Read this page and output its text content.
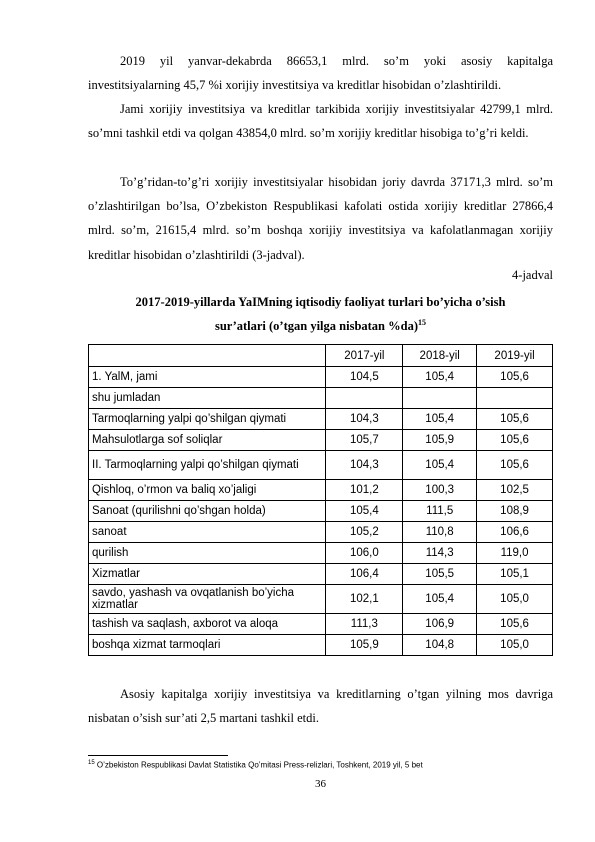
2019 yil yanvar-dekabrda 86653,1 mlrd. so’m yoki asosiy kapitalga investitsiyalarning 45,7 %i xorijiy investitsiya va kreditlar hisobidan o’zlashtirildi.

Jami xorijiy investitsiya va kreditlar tarkibida xorijiy investitsiyalar 42799,1 mlrd. so’mni tashkil etdi va qolgan 43854,0 mlrd. so’m xorijiy kreditlar hisobiga to’g’ri keldi.

To’g’ridan-to’g’ri xorijiy investitsiyalar hisobidan joriy davrda 37171,3 mlrd. so’m o’zlashtirilgan bo’lsa, O’zbekiston Respublikasi kafolati ostida xorijiy kreditlar 27866,4 mlrd. so’m, 21615,4 mlrd. so’m boshqa xorijiy investitsiya va kafolatlanmagan xorijiy kreditlar hisobidan o’zlashtirildi (3-jadval).

4-jadval
2017-2019-yillarda YaIMning iqtisodiy faoliyat turlari bo’yicha o’sish
sur’atlari (o’tgan yilga nisbatan %da)$^{15}$
	2017-yil	2018-yil	2019-yil
1. YalM, jami	104,5	105,4	105,6
shu jumladan			
Tarmoqlarning yalpi qo’shilgan qiymati	104,3	105,4	105,6
Mahsulotlarga sof soliqlar	105,7	105,9	105,6
II. Tarmoqlarning yalpi qo’shilgan qiymati	104,3	105,4	105,6
Qishloq, o’rmon va baliq xo’jaligi	101,2	100,3	102,5
Sanoat (qurilishni qo’shgan holda)	105,4	111,5	108,9
sanoat	105,2	110,8	106,6
qurilish	106,0	114,3	119,0
Xizmatlar	106,4	105,5	105,1
savdo, yashash va ovqatlanish bo’yicha xizmatlar	102,1	105,4	105,0
tashish va saqlash, axborot va aloqa	111,3	106,9	105,6
boshqa xizmat tarmoqlari	105,9	104,8	105,0

Asosiy kapitalga xorijiy investitsiya va kreditlarning o’tgan yilning mos davriga nisbatan o’sish sur’ati 2,5 martani tashkil etdi.

$^{15}$ O’zbekiston Respublikasi Davlat Statistika Qo’mitasi Press-relizlari, Toshkent, 2019 yil, 5 bet
36
